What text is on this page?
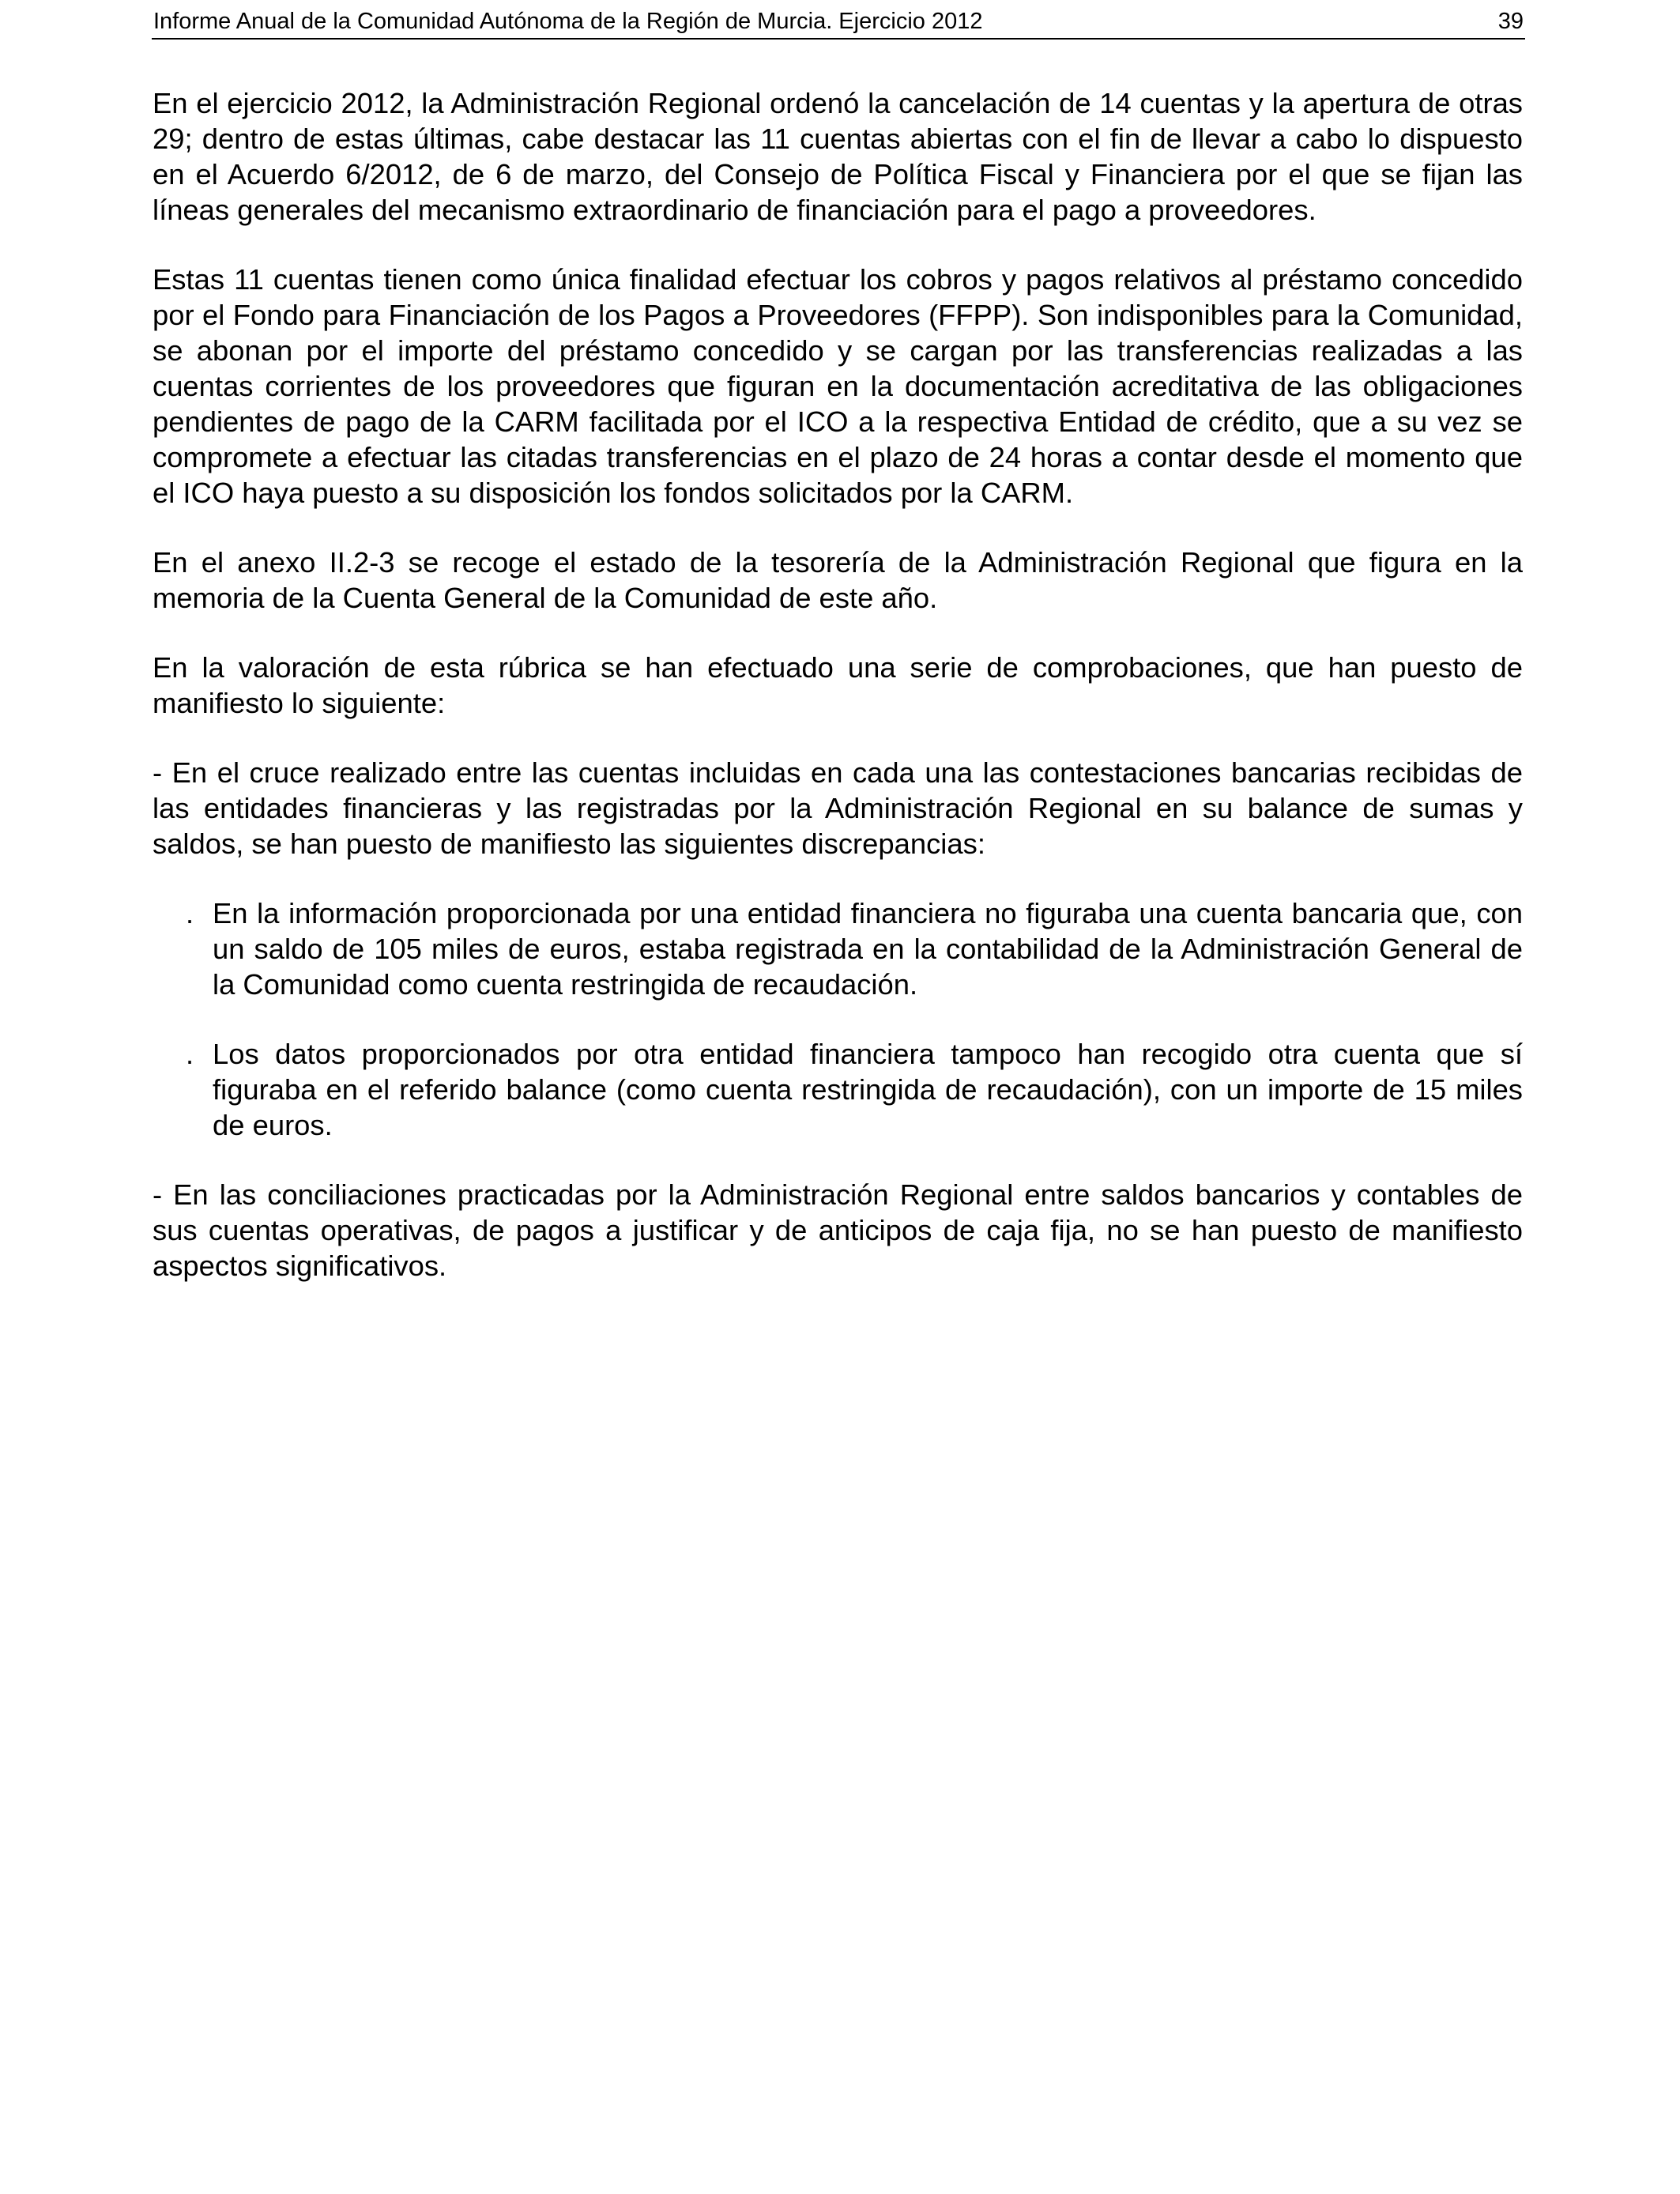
Informe Anual de la Comunidad Autónoma de la Región de Murcia. Ejercicio 2012	39

En el ejercicio 2012, la Administración Regional ordenó la cancelación de 14 cuentas y la apertura de otras 29; dentro de estas últimas, cabe destacar las 11 cuentas abiertas con el fin de llevar a cabo lo dispuesto en el Acuerdo 6/2012, de 6 de marzo, del Consejo de Política Fiscal y Financiera por el que se fijan las líneas generales del mecanismo extraordinario de financiación para el pago a proveedores.

Estas 11 cuentas tienen como única finalidad efectuar los cobros y pagos relativos al préstamo concedido por el Fondo para Financiación de los Pagos a Proveedores (FFPP). Son indisponibles para la Comunidad, se abonan por el importe del préstamo concedido y se cargan por las transferencias realizadas a las cuentas corrientes de los proveedores que figuran en la documentación acreditativa de las obligaciones pendientes de pago de la CARM facilitada por el ICO a la respectiva Entidad de crédito, que a su vez se compromete a efectuar las citadas transferencias en el plazo de 24 horas a contar desde el momento que el ICO haya puesto a su disposición los fondos solicitados por la CARM.

En el anexo II.2-3 se recoge el estado de la tesorería de la Administración Regional que figura en la memoria de la Cuenta General de la Comunidad de este año.

En la valoración de esta rúbrica se han efectuado una serie de comprobaciones, que han puesto de manifiesto lo siguiente:

- En el cruce realizado entre las cuentas incluidas en cada una las contestaciones bancarias recibidas de las entidades financieras y las registradas por la Administración Regional en su balance de sumas y saldos, se han puesto de manifiesto las siguientes discrepancias:

. En la información proporcionada por una entidad financiera no figuraba una cuenta bancaria que, con un saldo de 105 miles de euros, estaba registrada en la contabilidad de la Administración General de la Comunidad como cuenta restringida de recaudación.
. Los datos proporcionados por otra entidad financiera tampoco han recogido otra cuenta que sí figuraba en el referido balance (como cuenta restringida de recaudación), con un importe de 15 miles de euros.

- En las conciliaciones practicadas por la Administración Regional entre saldos bancarios y contables de sus cuentas operativas, de pagos a justificar y de anticipos de caja fija, no se han puesto de manifiesto aspectos significativos.
